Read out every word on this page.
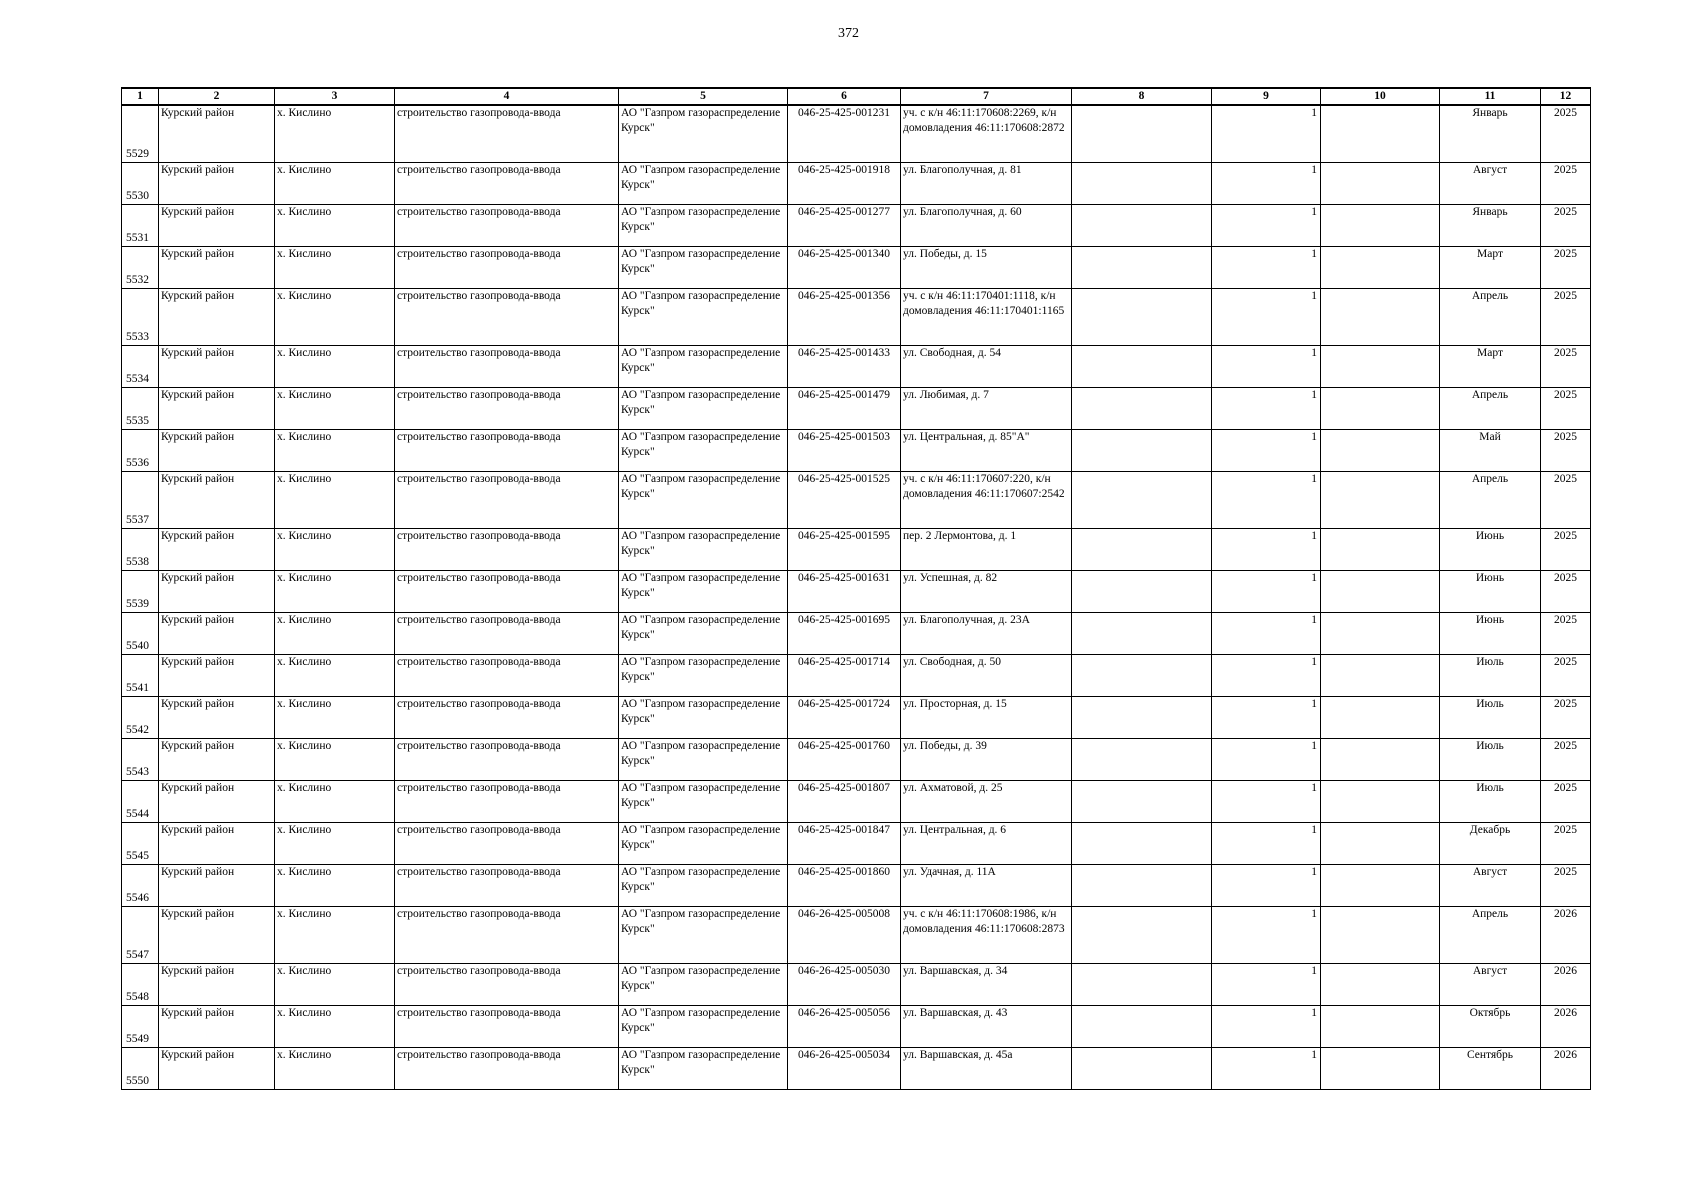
372
1	2	3	4	5	6	7	8	9	10	11	12
5529	Курский район	х. Кислино	строительство газопровода-ввода	АО "Газпром газораспределение Курск"	046-25-425-001231	уч. с к/н 46:11:170608:2269, к/н домовладения 46:11:170608:2872		1		Январь	2025
5530	Курский район	х. Кислино	строительство газопровода-ввода	АО "Газпром газораспределение Курск"	046-25-425-001918	ул. Благополучная, д. 81		1		Август	2025
5531	Курский район	х. Кислино	строительство газопровода-ввода	АО "Газпром газораспределение Курск"	046-25-425-001277	ул. Благополучная, д. 60		1		Январь	2025
5532	Курский район	х. Кислино	строительство газопровода-ввода	АО "Газпром газораспределение Курск"	046-25-425-001340	ул. Победы, д. 15		1		Март	2025
5533	Курский район	х. Кислино	строительство газопровода-ввода	АО "Газпром газораспределение Курск"	046-25-425-001356	уч. с к/н 46:11:170401:1118, к/н домовладения 46:11:170401:1165		1		Апрель	2025
5534	Курский район	х. Кислино	строительство газопровода-ввода	АО "Газпром газораспределение Курск"	046-25-425-001433	ул. Свободная, д. 54		1		Март	2025
5535	Курский район	х. Кислино	строительство газопровода-ввода	АО "Газпром газораспределение Курск"	046-25-425-001479	ул. Любимая, д. 7		1		Апрель	2025
5536	Курский район	х. Кислино	строительство газопровода-ввода	АО "Газпром газораспределение Курск"	046-25-425-001503	ул. Центральная, д. 85"А"		1		Май	2025
5537	Курский район	х. Кислино	строительство газопровода-ввода	АО "Газпром газораспределение Курск"	046-25-425-001525	уч. с к/н 46:11:170607:220, к/н домовладения 46:11:170607:2542		1		Апрель	2025
5538	Курский район	х. Кислино	строительство газопровода-ввода	АО "Газпром газораспределение Курск"	046-25-425-001595	пер. 2 Лермонтова, д. 1		1		Июнь	2025
5539	Курский район	х. Кислино	строительство газопровода-ввода	АО "Газпром газораспределение Курск"	046-25-425-001631	ул. Успешная, д. 82		1		Июнь	2025
5540	Курский район	х. Кислино	строительство газопровода-ввода	АО "Газпром газораспределение Курск"	046-25-425-001695	ул. Благополучная, д. 23А		1		Июнь	2025
5541	Курский район	х. Кислино	строительство газопровода-ввода	АО "Газпром газораспределение Курск"	046-25-425-001714	ул. Свободная, д. 50		1		Июль	2025
5542	Курский район	х. Кислино	строительство газопровода-ввода	АО "Газпром газораспределение Курск"	046-25-425-001724	ул. Просторная, д. 15		1		Июль	2025
5543	Курский район	х. Кислино	строительство газопровода-ввода	АО "Газпром газораспределение Курск"	046-25-425-001760	ул. Победы, д. 39		1		Июль	2025
5544	Курский район	х. Кислино	строительство газопровода-ввода	АО "Газпром газораспределение Курск"	046-25-425-001807	ул. Ахматовой, д. 25		1		Июль	2025
5545	Курский район	х. Кислино	строительство газопровода-ввода	АО "Газпром газораспределение Курск"	046-25-425-001847	ул. Центральная, д. 6		1		Декабрь	2025
5546	Курский район	х. Кислино	строительство газопровода-ввода	АО "Газпром газораспределение Курск"	046-25-425-001860	ул. Удачная, д. 11А		1		Август	2025
5547	Курский район	х. Кислино	строительство газопровода-ввода	АО "Газпром газораспределение Курск"	046-26-425-005008	уч. с к/н 46:11:170608:1986, к/н домовладения 46:11:170608:2873		1		Апрель	2026
5548	Курский район	х. Кислино	строительство газопровода-ввода	АО "Газпром газораспределение Курск"	046-26-425-005030	ул. Варшавская, д. 34		1		Август	2026
5549	Курский район	х. Кислино	строительство газопровода-ввода	АО "Газпром газораспределение Курск"	046-26-425-005056	ул. Варшавская, д. 43		1		Октябрь	2026
5550	Курский район	х. Кислино	строительство газопровода-ввода	АО "Газпром газораспределение Курск"	046-26-425-005034	ул. Варшавская, д. 45а		1		Сентябрь	2026
